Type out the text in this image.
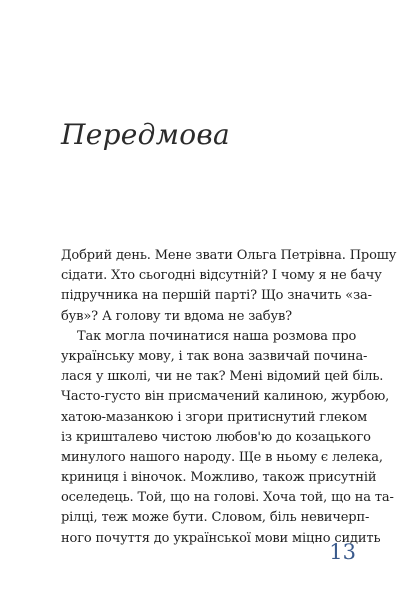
Передмова
Добрий день. Мене звати Ольга Петрівна. Прошу
сідати. Хто сьогодні відсутній? І чому я не бачу
підручника на першій парті? Що значить «за-
був»? А голову ти вдома не забув?
Так могла починатися наша розмова про
українську мову, і так вона зазвичай почина-
лася у школі, чи не так? Мені відомий цей біль.
Часто-густо він присмачений калиною, журбою,
хатою-мазанкою і згори притиснутий глеком
із кришталево чистою любов'ю до козацького
минулого нашого народу. Ще в ньому є лелека,
криниця і віночок. Можливо, також присутній
оселедець. Той, що на голові. Хоча той, що на та-
рілці, теж може бути. Словом, біль невичерп-
ного почуття до української мови міцно сидить
13
